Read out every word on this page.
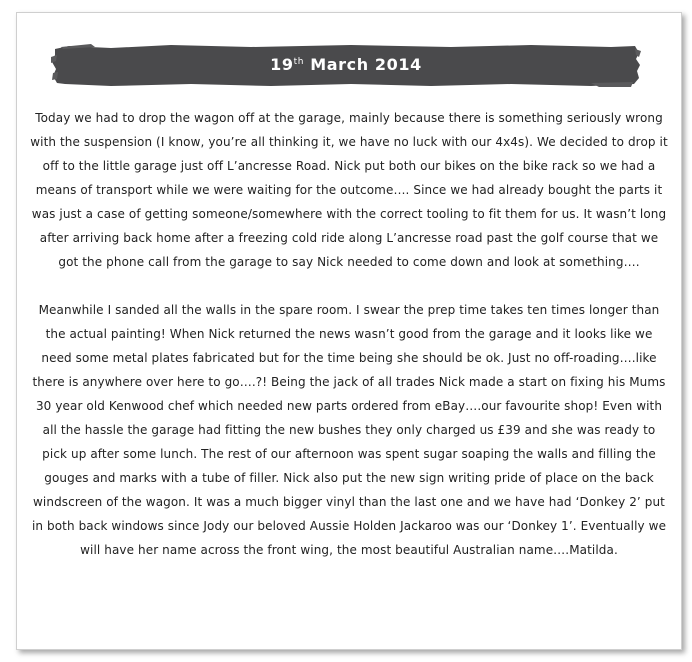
19th March 2014

Today we had to drop the wagon off at the garage, mainly because there is something seriously wrong with the suspension (I know, you’re all thinking it, we have no luck with our 4x4s). We decided to drop it off to the little garage just off L’ancresse Road. Nick put both our bikes on the bike rack so we had a means of transport while we were waiting for the outcome…. Since we had already bought the parts it was just a case of getting someone/somewhere with the correct tooling to fit them for us. It wasn’t long after arriving back home after a freezing cold ride along L’ancresse road past the golf course that we got the phone call from the garage to say Nick needed to come down and look at something….

Meanwhile I sanded all the walls in the spare room. I swear the prep time takes ten times longer than the actual painting! When Nick returned the news wasn’t good from the garage and it looks like we need some metal plates fabricated but for the time being she should be ok. Just no off-roading….like there is anywhere over here to go….?! Being the jack of all trades Nick made a start on fixing his Mums 30 year old Kenwood chef which needed new parts ordered from eBay….our favourite shop! Even with all the hassle the garage had fitting the new bushes they only charged us £39 and she was ready to pick up after some lunch. The rest of our afternoon was spent sugar soaping the walls and filling the gouges and marks with a tube of filler. Nick also put the new sign writing pride of place on the back windscreen of the wagon. It was a much bigger vinyl than the last one and we have had ‘Donkey 2’ put in both back windows since Jody our beloved Aussie Holden Jackaroo was our ‘Donkey 1’. Eventually we will have her name across the front wing, the most beautiful Australian name….Matilda.
